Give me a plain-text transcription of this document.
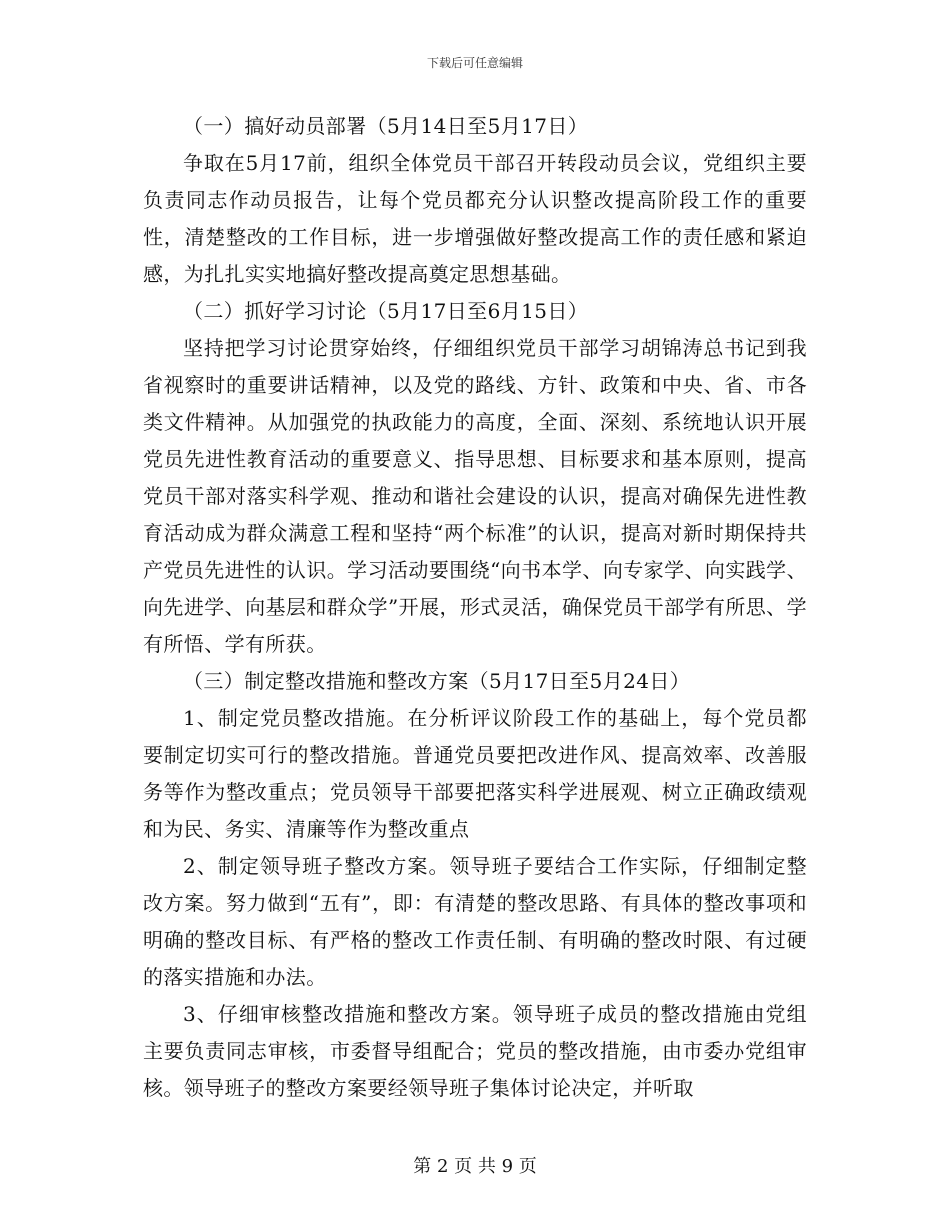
下载后可任意编辑

（一）搞好动员部署（5月14日至5月17日）

争取在5月17前，组织全体党员干部召开转段动员会议，党组织主要负责同志作动员报告，让每个党员都充分认识整改提高阶段工作的重要性，清楚整改的工作目标，进一步增强做好整改提高工作的责任感和紧迫感，为扎扎实实地搞好整改提高奠定思想基础。

（二）抓好学习讨论（5月17日至6月15日）

坚持把学习讨论贯穿始终，仔细组织党员干部学习胡锦涛总书记到我省视察时的重要讲话精神，以及党的路线、方针、政策和中央、省、市各类文件精神。从加强党的执政能力的高度，全面、深刻、系统地认识开展党员先进性教育活动的重要意义、指导思想、目标要求和基本原则，提高党员干部对落实科学观、推动和谐社会建设的认识，提高对确保先进性教育活动成为群众满意工程和坚持“两个标准”的认识，提高对新时期保持共产党员先进性的认识。学习活动要围绕“向书本学、向专家学、向实践学、向先进学、向基层和群众学”开展，形式灵活，确保党员干部学有所思、学有所悟、学有所获。

（三）制定整改措施和整改方案（5月17日至5月24日）

1、制定党员整改措施。在分析评议阶段工作的基础上，每个党员都要制定切实可行的整改措施。普通党员要把改进作风、提高效率、改善服务等作为整改重点；党员领导干部要把落实科学进展观、树立正确政绩观和为民、务实、清廉等作为整改重点

2、制定领导班子整改方案。领导班子要结合工作实际，仔细制定整改方案。努力做到“五有”，即：有清楚的整改思路、有具体的整改事项和明确的整改目标、有严格的整改工作责任制、有明确的整改时限、有过硬的落实措施和办法。

3、仔细审核整改措施和整改方案。领导班子成员的整改措施由党组主要负责同志审核，市委督导组配合；党员的整改措施，由市委办党组审核。领导班子的整改方案要经领导班子集体讨论决定，并听取

第 2 页 共 9 页
